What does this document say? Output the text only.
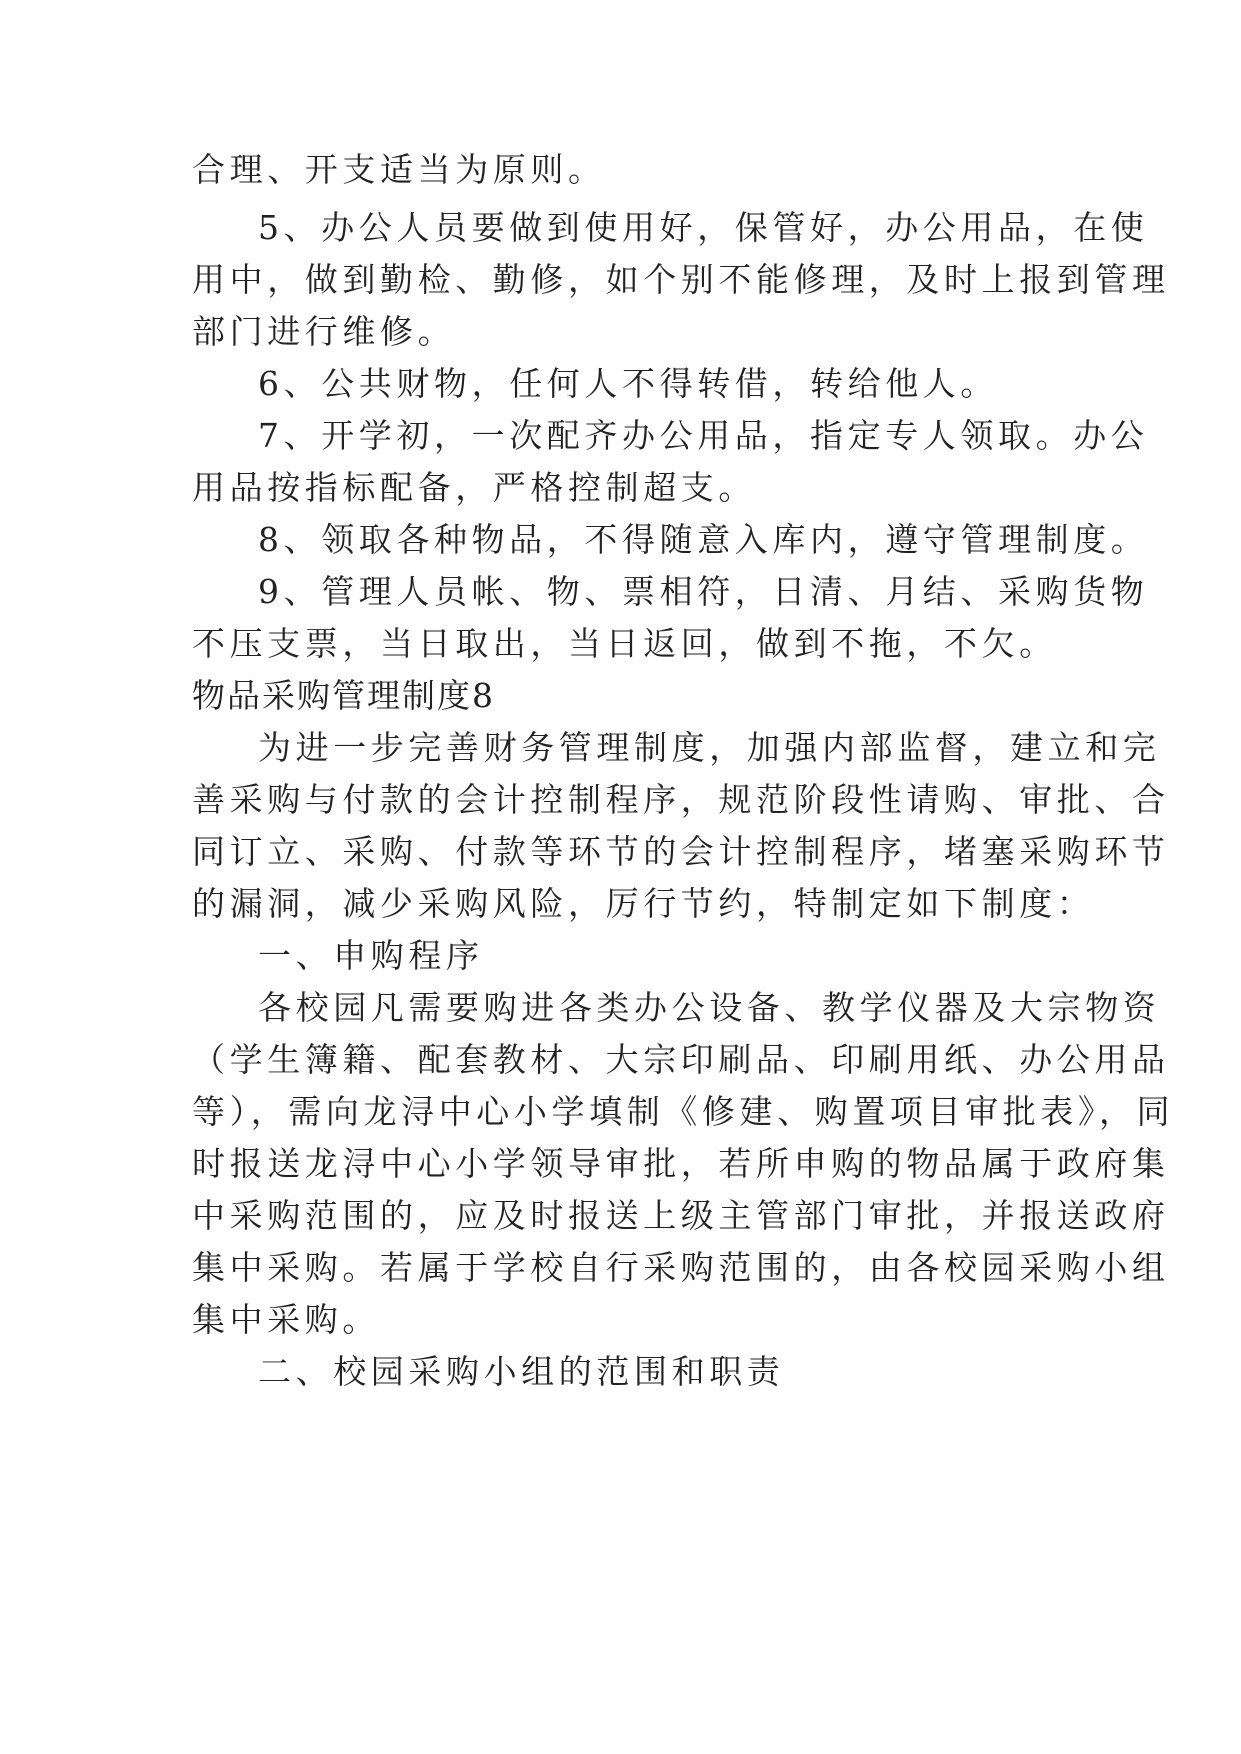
合理、开支适当为原则。
5、办公人员要做到使用好，保管好，办公用品，在使
用中，做到勤检、勤修，如个别不能修理，及时上报到管理
部门进行维修。
6、公共财物，任何人不得转借，转给他人。
7、开学初，一次配齐办公用品，指定专人领取。办公
用品按指标配备，严格控制超支。
8、领取各种物品，不得随意入库内，遵守管理制度。
9、管理人员帐、物、票相符，日清、月结、采购货物
不压支票，当日取出，当日返回，做到不拖，不欠。
物品采购管理制度8
为进一步完善财务管理制度，加强内部监督，建立和完
善采购与付款的会计控制程序，规范阶段性请购、审批、合
同订立、采购、付款等环节的会计控制程序，堵塞采购环节
的漏洞，减少采购风险，厉行节约，特制定如下制度：
一、申购程序
各校园凡需要购进各类办公设备、教学仪器及大宗物资
（学生簿籍、配套教材、大宗印刷品、印刷用纸、办公用品
等），需向龙浔中心小学填制《修建、购置项目审批表》，同
时报送龙浔中心小学领导审批，若所申购的物品属于政府集
中采购范围的，应及时报送上级主管部门审批，并报送政府
集中采购。若属于学校自行采购范围的，由各校园采购小组
集中采购。
二、校园采购小组的范围和职责
